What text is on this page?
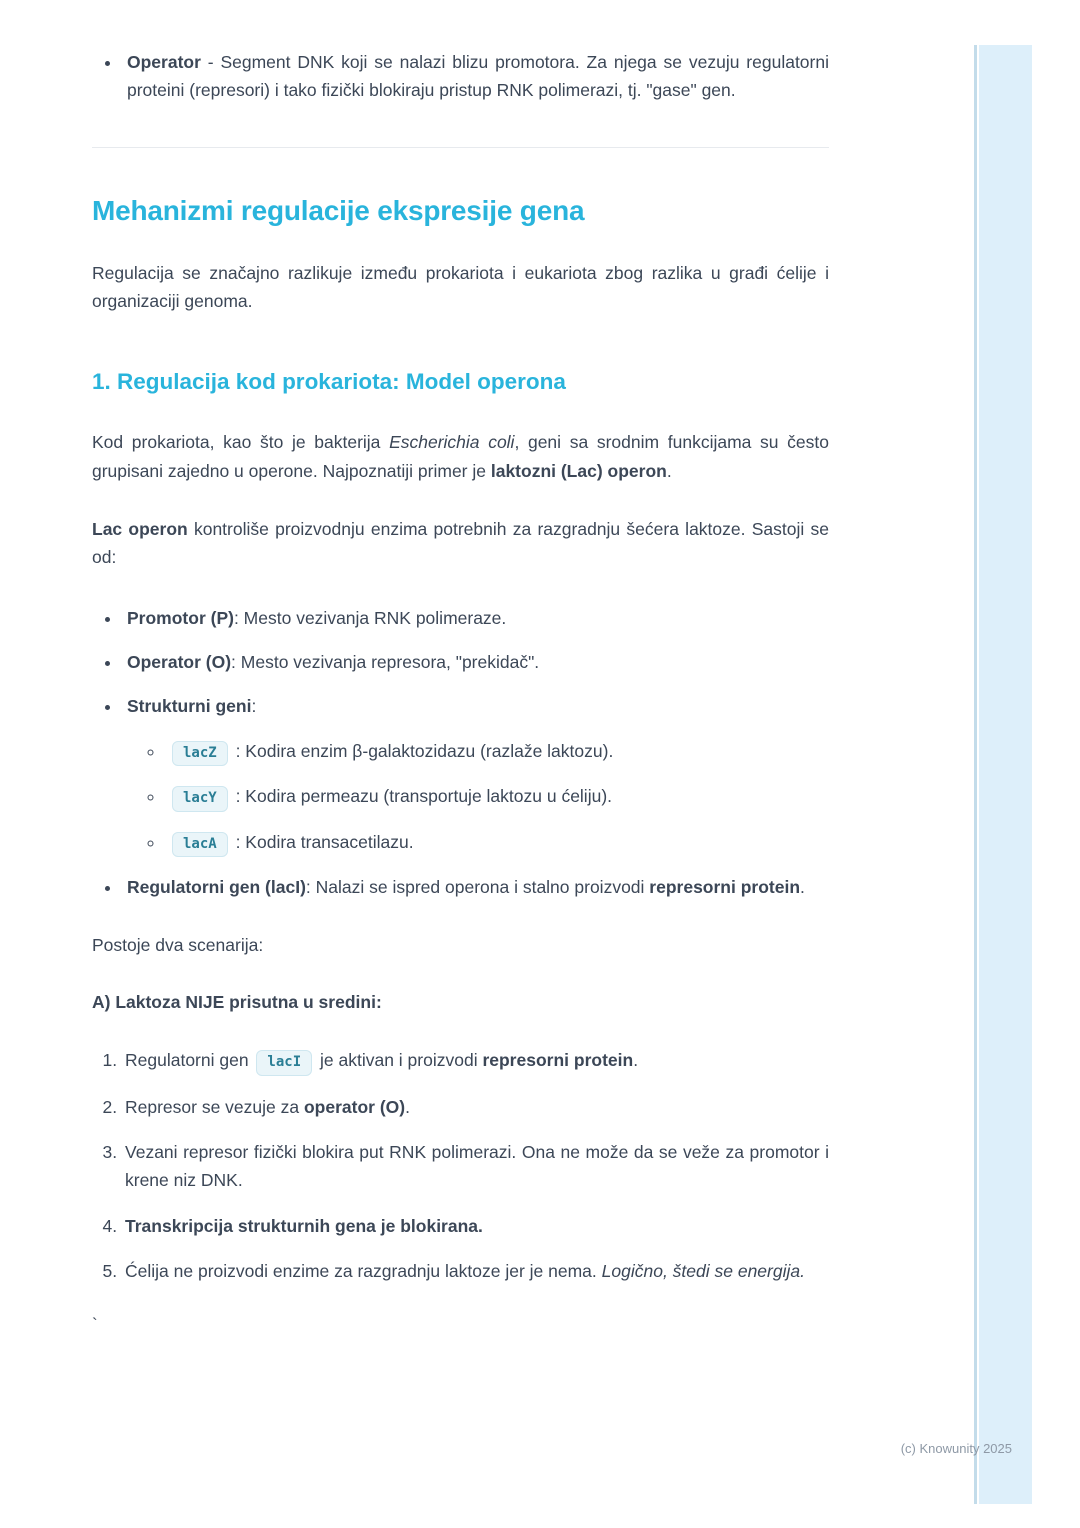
• Operator - Segment DNK koji se nalazi blizu promotora. Za njega se vezuju regulatorni proteini (represori) i tako fizički blokiraju pristup RNK polimerazi, tj. "gase" gen.
Mehanizmi regulacije ekspresije gena

Regulacija se značajno razlikuje između prokariota i eukariota zbog razlika u građi ćelije i organizaciji genoma.

1. Regulacija kod prokariota: Model operona

Kod prokariota, kao što je bakterija Escherichia coli, geni sa srodnim funkcijama su često grupisani zajedno u operone. Najpoznatiji primer je laktozni (Lac) operon.

Lac operon kontroliše proizvodnju enzima potrebnih za razgradnju šećera laktoze. Sastoji se od:

• Promotor (P): Mesto vezivanja RNK polimeraze.
• Operator (O): Mesto vezivanja represora, "prekidač".
• Strukturni geni:
◦ lacZ : Kodira enzim β-galaktozidazu (razlaže laktozu).
◦ lacY : Kodira permeazu (transportuje laktozu u ćeliju).
◦ lacA : Kodira transacetilazu.
• Regulatorni gen (lacI): Nalazi se ispred operona i stalno proizvodi represorni protein.

Postoje dva scenarija:

A) Laktoza NIJE prisutna u sredini:

1. Regulatorni gen lacI je aktivan i proizvodi represorni protein.
2. Represor se vezuje za operator (O).
3. Vezani represor fizički blokira put RNK polimerazi. Ona ne može da se veže za promotor i krene niz DNK.
4. Transkripcija strukturnih gena je blokirana.
5. Ćelija ne proizvodi enzime za razgradnju laktoze jer je nema. Logično, štedi se energija.

`

(c) Knowunity 2025
